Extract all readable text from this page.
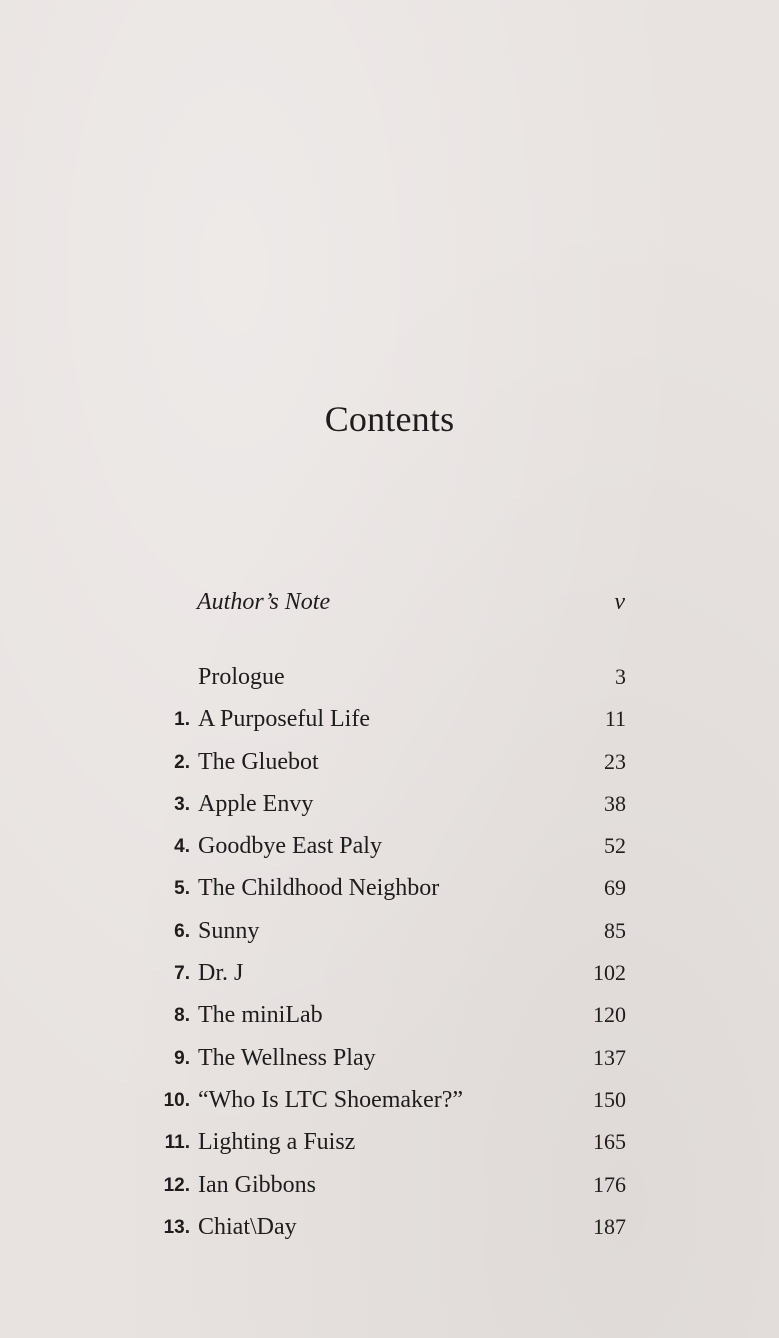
Contents
Author’s Note	v
Prologue	3
1. A Purposeful Life	11
2. The Gluebot	23
3. Apple Envy	38
4. Goodbye East Paly	52
5. The Childhood Neighbor	69
6. Sunny	85
7. Dr. J	102
8. The miniLab	120
9. The Wellness Play	137
10. “Who Is LTC Shoemaker?”	150
11. Lighting a Fuisz	165
12. Ian Gibbons	176
13. Chiat\Day	187
